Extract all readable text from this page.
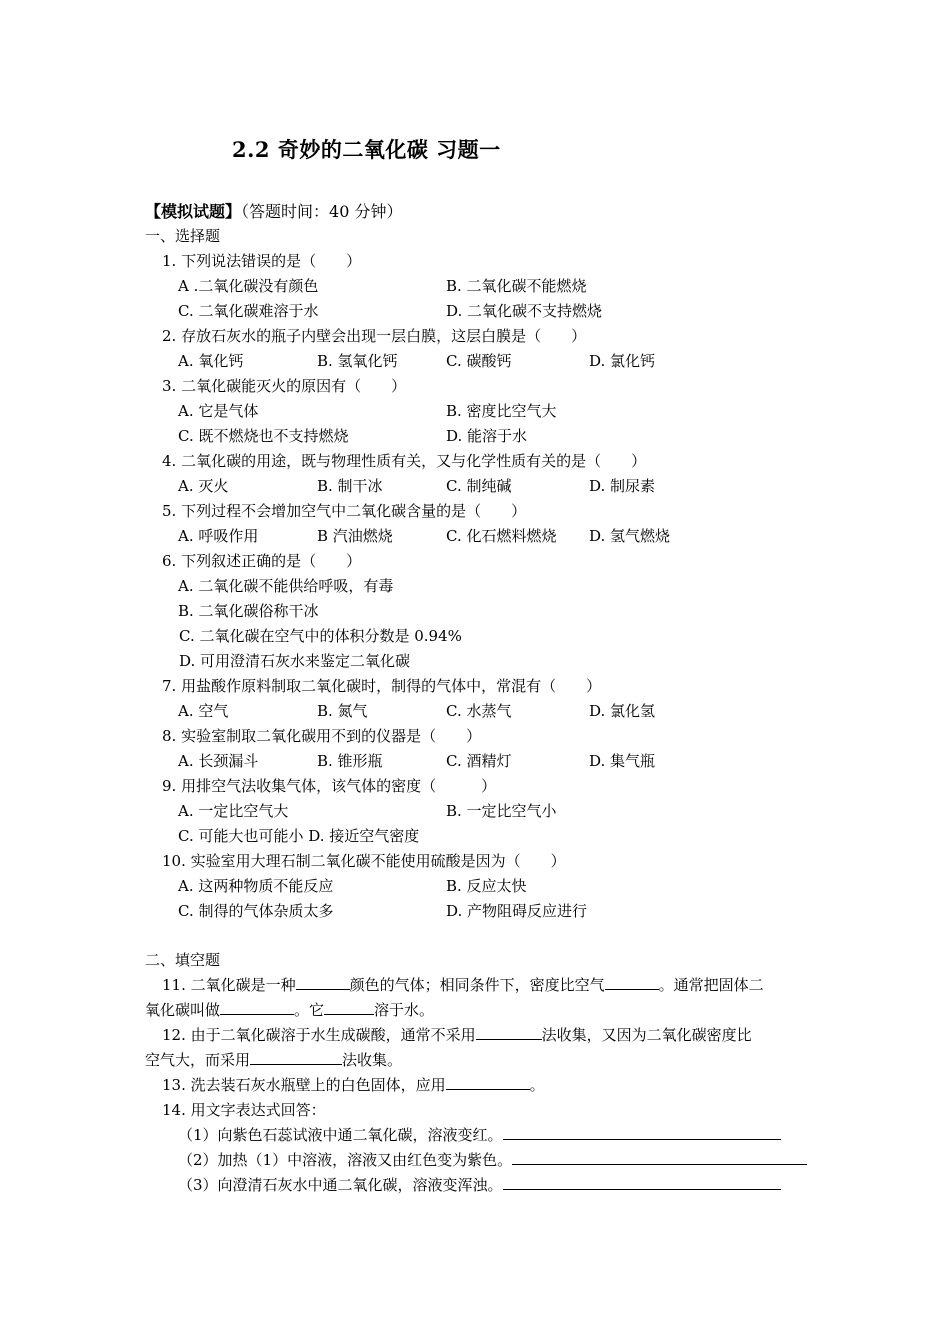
2.2 奇妙的二氧化碳 习题一
【模拟试题】（答题时间：40 分钟）
一、选择题
1. 下列说法错误的是（　　）
A .二氧化碳没有颜色	B. 二氧化碳不能燃烧
C. 二氧化碳难溶于水	D. 二氧化碳不支持燃烧
2. 存放石灰水的瓶子内壁会出现一层白膜，这层白膜是（　　）
A. 氧化钙	B. 氢氧化钙	C. 碳酸钙	D. 氯化钙
3. 二氧化碳能灭火的原因有（　　）
A. 它是气体	B. 密度比空气大
C. 既不燃烧也不支持燃烧	D. 能溶于水
4. 二氧化碳的用途，既与物理性质有关，又与化学性质有关的是（　　）
A. 灭火	B. 制干冰	C. 制纯碱	D. 制尿素
5. 下列过程不会增加空气中二氧化碳含量的是（　　）
A. 呼吸作用	B 汽油燃烧	C. 化石燃料燃烧 D. 氢气燃烧
6. 下列叙述正确的是（　　）
A. 二氧化碳不能供给呼吸，有毒
B. 二氧化碳俗称干冰
C. 二氧化碳在空气中的体积分数是 0.94%
D. 可用澄清石灰水来鉴定二氧化碳
7. 用盐酸作原料制取二氧化碳时，制得的气体中，常混有（　　）
A. 空气	B. 氮气	C. 水蒸气	D. 氯化氢
8. 实验室制取二氧化碳用不到的仪器是（　　）
A. 长颈漏斗	B. 锥形瓶	C. 酒精灯	D. 集气瓶
9. 用排空气法收集气体，该气体的密度（　　　）
A. 一定比空气大	B. 一定比空气小
C. 可能大也可能小 D. 接近空气密度
10. 实验室用大理石制二氧化碳不能使用硫酸是因为（　　）
A. 这两种物质不能反应	B. 反应太快
C. 制得的气体杂质太多	D. 产物阻碍反应进行
二、填空题
11. 二氧化碳是一种	颜色的气体；相同条件下，密度比空气	。通常把固体二
氧化碳叫做	。它	溶于水。
12. 由于二氧化碳溶于水生成碳酸，通常不采用	法收集，又因为二氧化碳密度比
空气大，而采用	法收集。
13. 洗去装石灰水瓶壁上的白色固体，应用	。
14. 用文字表达式回答：
（1）向紫色石蕊试液中通二氧化碳，溶液变红。
（2）加热（1）中溶液，溶液又由红色变为紫色。
（3）向澄清石灰水中通二氧化碳，溶液变浑浊。
